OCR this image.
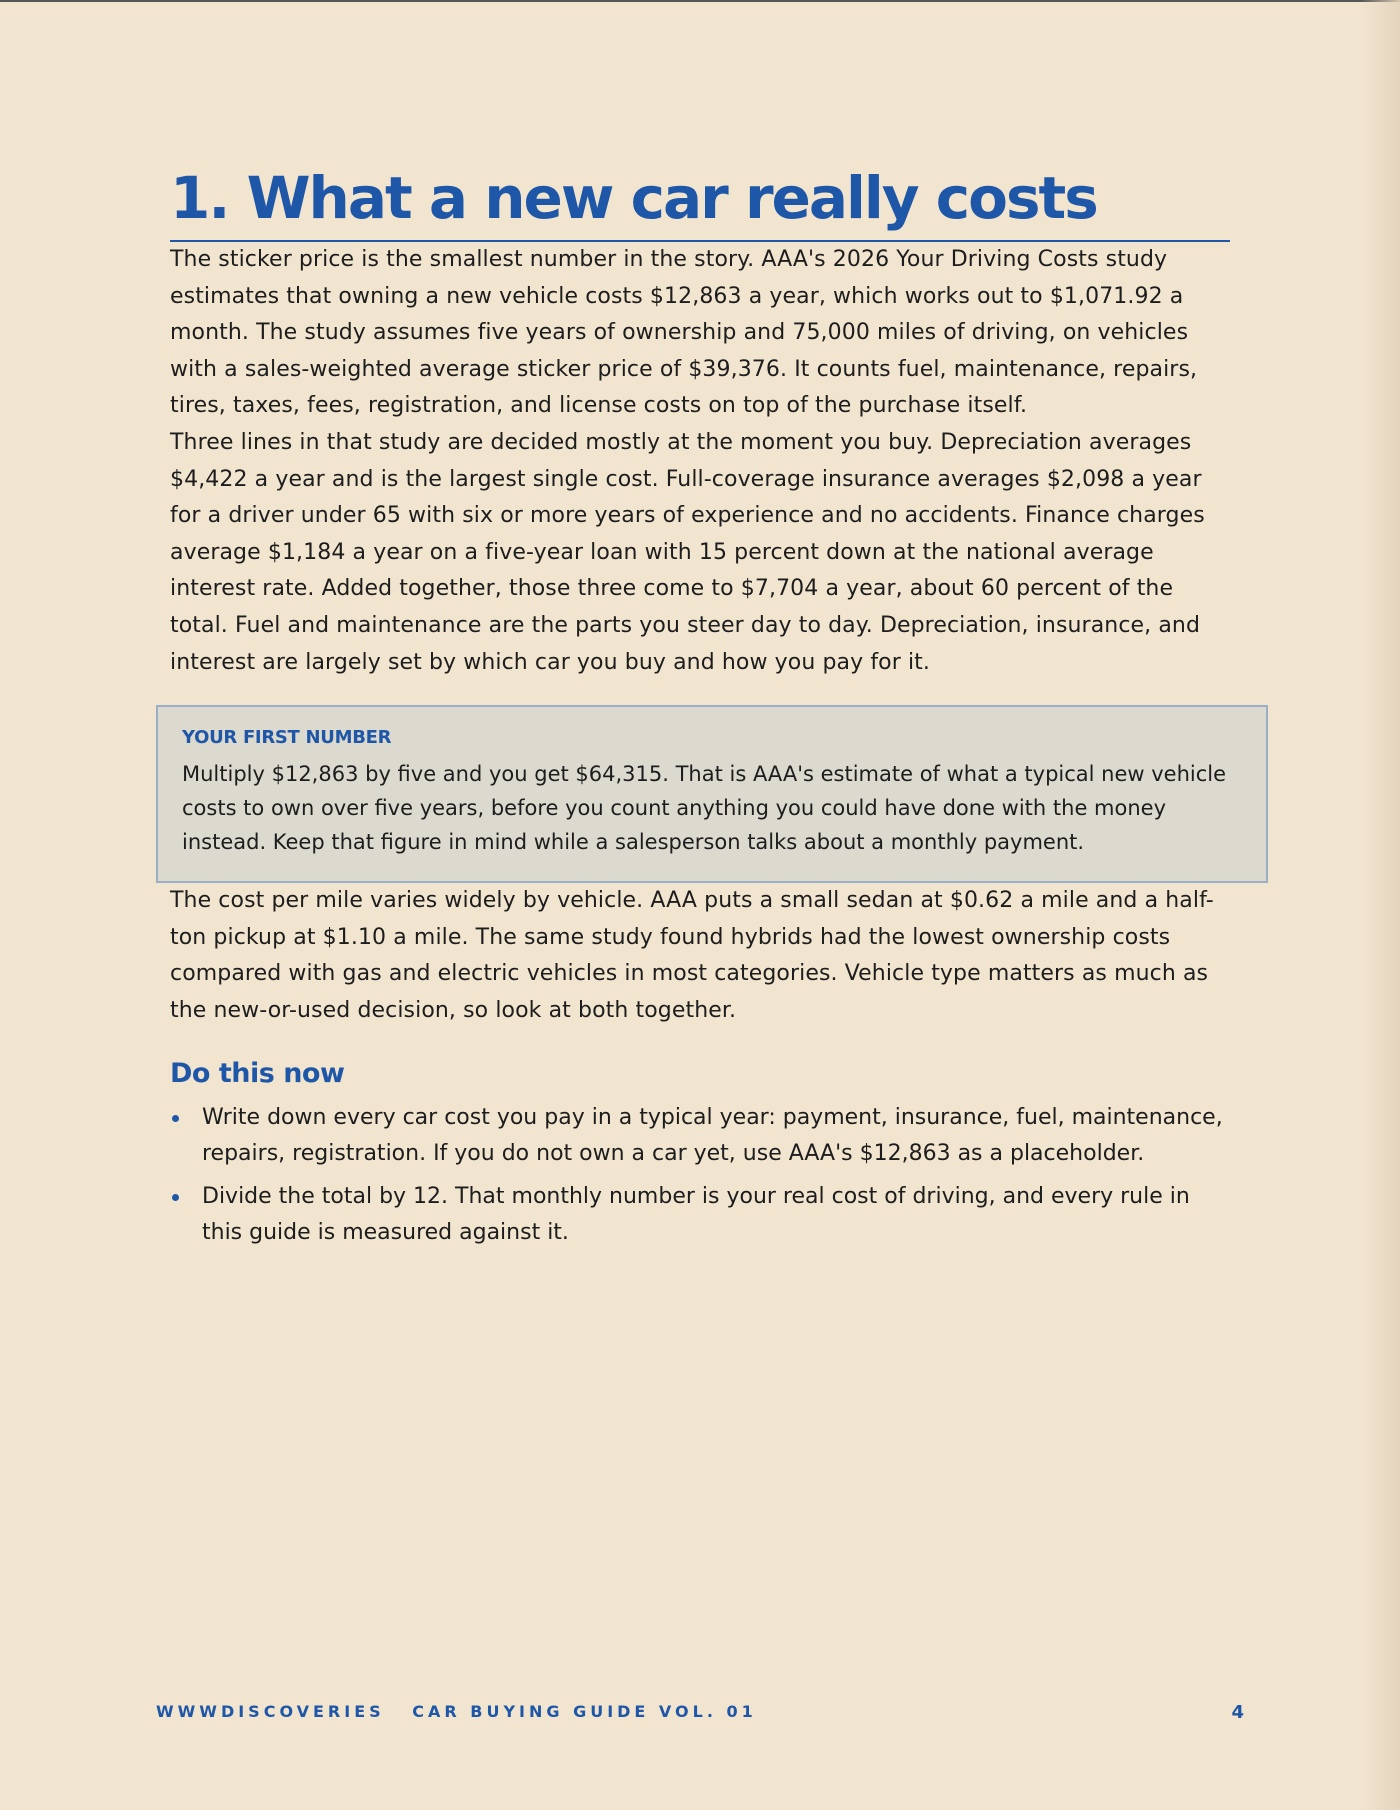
1. What a new car really costs

The sticker price is the smallest number in the story. AAA's 2026 Your Driving Costs study estimates that owning a new vehicle costs $12,863 a year, which works out to $1,071.92 a month. The study assumes five years of ownership and 75,000 miles of driving, on vehicles with a sales-weighted average sticker price of $39,376. It counts fuel, maintenance, repairs, tires, taxes, fees, registration, and license costs on top of the purchase itself.

Three lines in that study are decided mostly at the moment you buy. Depreciation averages $4,422 a year and is the largest single cost. Full-coverage insurance averages $2,098 a year for a driver under 65 with six or more years of experience and no accidents. Finance charges average $1,184 a year on a five-year loan with 15 percent down at the national average interest rate. Added together, those three come to $7,704 a year, about 60 percent of the total. Fuel and maintenance are the parts you steer day to day. Depreciation, insurance, and interest are largely set by which car you buy and how you pay for it.

YOUR FIRST NUMBER
Multiply $12,863 by five and you get $64,315. That is AAA's estimate of what a typical new vehicle costs to own over five years, before you count anything you could have done with the money instead. Keep that figure in mind while a salesperson talks about a monthly payment.

The cost per mile varies widely by vehicle. AAA puts a small sedan at $0.62 a mile and a half-ton pickup at $1.10 a mile. The same study found hybrids had the lowest ownership costs compared with gas and electric vehicles in most categories. Vehicle type matters as much as the new-or-used decision, so look at both together.

Do this now
Write down every car cost you pay in a typical year: payment, insurance, fuel, maintenance, repairs, registration. If you do not own a car yet, use AAA's $12,863 as a placeholder.
Divide the total by 12. That monthly number is your real cost of driving, and every rule in this guide is measured against it.
WWWDISCOVERIES CAR BUYING GUIDE VOL. 01	4
